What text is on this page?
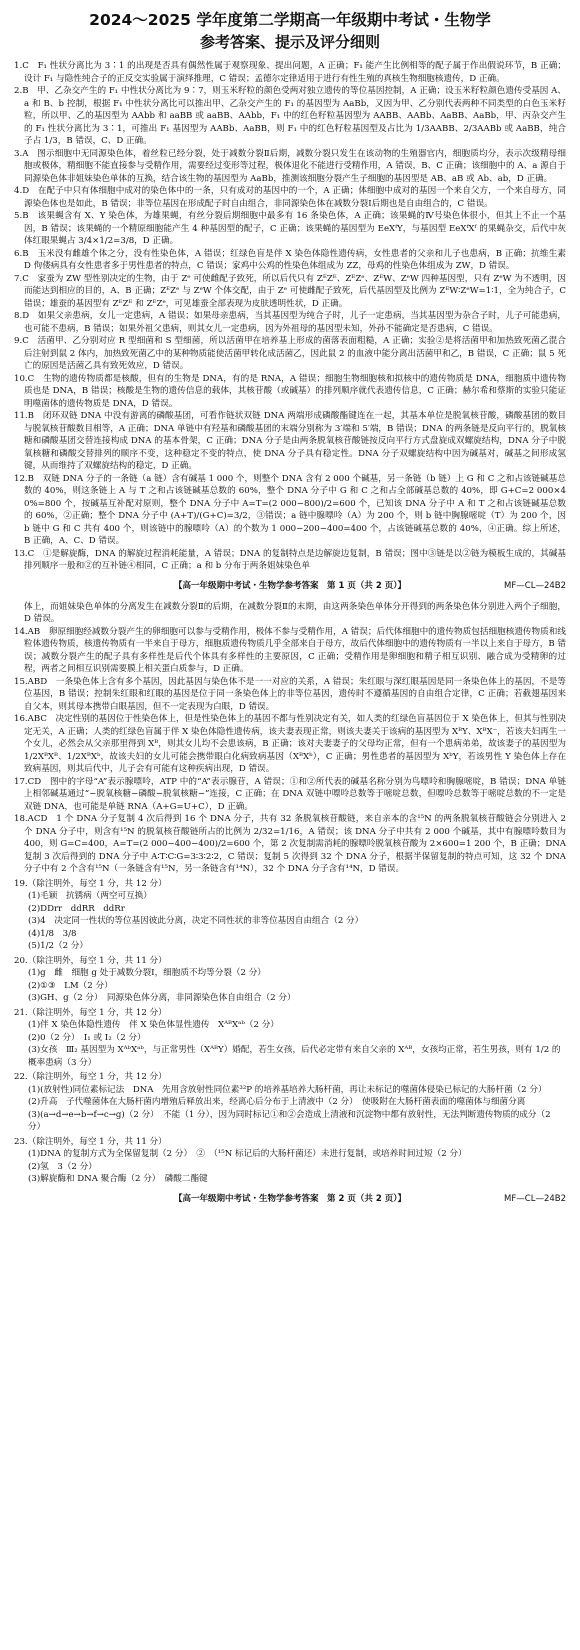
2024～2025 学年度第二学期高一年级期中考试・生物学
参考答案、提示及评分细则

1.C　 F₁ 性状分离比为 3∶1 的出现是否具有偶然性属于观察现象、提出问题，A 正确；F₁ 能产生比例相等的配子属于作出假说环节，B 正确；设计 F₁ 与隐性纯合子的正反交实验属于演绎推理，C 错误；孟德尔定律适用于进行有性生殖的真核生物细胞核遗传，D 正确。

2.B　 甲、乙杂交产生的 F₁ 中性状分离比为 9∶7，则玉米籽粒的颜色受两对独立遗传的等位基因控制，A 正确；设玉米籽粒颜色遗传受基因 A、a 和 B、b 控制，根据 F₁ 中性状分离比可以推出甲、乙杂交产生的 F₁ 的基因型为 AaBb，又因为甲、乙分别代表两种不同类型的白色玉米籽粒，所以甲、乙的基因型为 AAbb 和 aaBB 或 aaBB、AAbb，F₁ 中的红色籽粒基因型为 AABB、AABb、AaBB、AaBb，甲、丙杂交产生的 F₁ 性状分离比为 3∶1，可推出 F₁ 基因型为 AABb、AaBB，则 F₁ 中的红色籽粒基因型及占比为 1/3AABB、2/3AABb 或 AaBB，纯合子占 1/3，B 错误，C、D 正确。

3.A　 图示细胞中无同源染色体，着丝粒已经分裂，处于减数分裂Ⅱ后期，减数分裂只发生在该动物的生殖器官内，细胞质均分，表示次级精母细胞或极体，精细胞不能直接参与受精作用，需要经过变形等过程，极体退化不能进行受精作用，A 错误，B、C 正确；该细胞中的 A、a 源自于同源染色体非姐妹染色单体的互换，结合该生物的基因型为 AaBb，推测该细胞分裂产生子细胞的基因型是 AB、aB 或 Ab、ab，D 正确。

4.D　 在配子中只有体细胞中成对的染色体中的一条，只有成对的基因中的一个，A 正确；体细胞中成对的基因一个来自父方，一个来自母方，同源染色体也是如此，B 错误；非等位基因在形成配子时自由组合，非同源染色体在减数分裂Ⅰ后期也是自由组合的，C 错误。

5.B　 该果蝇含有 X、Y 染色体，为雄果蝇，有丝分裂后期细胞中最多有 16 条染色体，A 正确；该果蝇的Ⅳ号染色体很小，但其上不止一个基因，B 错误；该果蝇的一个精原细胞能产生 4 种基因型的配子，C 正确；该果蝇的基因型为 EeXᶠY，与基因型 EeXᶠXᶠ 的果蝇杂交，后代中灰体红眼果蝇占 3/4×1/2=3/8，D 正确。

6.B　 玉米没有雌雄个体之分，没有性染色体，A 错误；红绿色盲是伴 X 染色体隐性遗传病，女性患者的父亲和儿子也患病，B 正确；抗维生素 D 佝偻病具有女性患者多于男性患者的特点，C 错误；家鸡中公鸡的性染色体组成为 ZZ，母鸡的性染色体组成为 ZW，D 错误。

7.C　 家蚕为 ZW 型性别决定的生物，由于 Zᵉ 可使雌配子致死，所以后代只有 ZᴱZᴱ、ZᴱZᵉ、ZᴱW、ZᵉW 四种基因型，只有 ZᵉW 为不透明，因而能达到相应的目的，A、B 正确；ZᴱZᵉ 与 ZᵉW 个体交配，由于 Zᵉ 可使雌配子致死，后代基因型及比例为 ZᴱW∶ZᵉW=1∶1，全为纯合子，C 错误；雄蚕的基因型有 ZᴱZᴱ 和 ZᴱZᵉ，可见雄蚕全部表现为皮肤透明性状，D 正确。

8.D　 如果父亲患病，女儿一定患病，A 错误；如果母亲患病，当其基因型为纯合子时，儿子一定患病，当其基因型为杂合子时，儿子可能患病，也可能不患病，B 错误；如果外祖父患病，则其女儿一定患病，因为外祖母的基因型未知，外孙不能确定是否患病，C 错误。

9.C　 活菌甲、乙分别对应 R 型细菌和 S 型细菌，所以活菌甲在培养基上形成的菌落表面粗糙，A 正确；实验②是将活菌甲和加热致死菌乙混合后注射到鼠 2 体内，加热致死菌乙中的某种物质能使活菌甲转化成活菌乙，因此鼠 2 的血液中能分离出活菌甲和乙，B 错误，C 正确；鼠 5 死亡的原因是活菌乙具有致死效应，D 错误。

10.C　 生物的遗传物质都是核酸，但有的生物是 DNA，有的是 RNA，A 错误；细胞生物细胞核和拟核中的遗传物质是 DNA，细胞质中遗传物质也是 DNA，B 错误；核酸是生物的遗传信息的载体，其核苷酸（或碱基）的排列顺序就代表遗传信息，C 正确；赫尔希和蔡斯的实验只能证明噬菌体的遗传物质是 DNA，D 错误。

11.B　 闭环双链 DNA 中没有游离的磷酸基团，可看作链状双链 DNA 两端形成磷酸酯键连在一起，其基本单位是脱氧核苷酸，磷酸基团的数目与脱氧核苷酸数目相等，A 正确；DNA 单链中有羟基和磷酸基团的末端分别称为 3′端和 5′端，B 错误；DNA 的两条链是反向平行的，脱氧核糖和磷酸基团交替连接构成 DNA 的基本骨架，C 正确；DNA 分子是由两条脱氧核苷酸链按反向平行方式盘旋成双螺旋结构，DNA 分子中脱氧核糖和磷酸交替排列的顺序不变，这种稳定不变的特点，使 DNA 分子具有稳定性。DNA 分子双螺旋结构中因为碱基对，碱基之间形成氢键，从而维持了双螺旋结构的稳定，D 正确。

12.B　 双链 DNA 分子的一条链（a 链）含有碱基 1 000 个，则整个 DNA 含有 2 000 个碱基，另一条链（b 链）上 G 和 C 之和占该链碱基总数的 40%，则这条链上 A 与 T 之和占该链碱基总数的 60%，整个 DNA 分子中 G 和 C 之和占全部碱基总数的 40%，即 G+C=2 000×40%=800 个，按碱基互补配对原则，整个 DNA 分子中 A=T=(2 000−800)/2=600 个，已知该 DNA 分子中 A 和 T 之和占该链碱基总数的 60%，②正确；整个 DNA 分子中 (A+T)/(G+C)=3/2，③错误；a 链中腺嘌呤（A）为 200 个，则 b 链中胸腺嘧啶（T）为 200 个，因 b 链中 G 和 C 共有 400 个，则该链中的腺嘌呤（A）的个数为 1 000−200−400=400 个，占该链碱基总数的 40%，④正确。综上所述，B 正确，A、C、D 错误。

13.C　 ①是解旋酶，DNA 的解旋过程消耗能量，A 错误；DNA 的复制特点是边解旋边复制，B 错误；图中③链是以②链为模板生成的，其碱基排列顺序一般和②的互补链④相同，C 正确；a 和 b 分布于两条姐妹染色单

【高一年级期中考试・生物学参考答案　第 1 页（共 2 页）】	MF—CL—24B2

体上，而姐妹染色单体的分离发生在减数分裂Ⅱ的后期，在减数分裂Ⅱ的末期，由这两条染色单体分开得到的两条染色体分别进入两个子细胞，D 错误。

14.AB　 卵原细胞经减数分裂产生的卵细胞可以参与受精作用，极体不参与受精作用，A 错误；后代体细胞中的遗传物质包括细胞核遗传物质和线粒体遗传物质，核遗传物质有一半来自于母方，细胞质遗传物质几乎全部来自于母方，故后代体细胞中的遗传物质有一半以上来自于母方，B 错误；减数分裂产生的配子具有多样性是后代个体具有多样性的主要原因，C 正确；受精作用是卵细胞和精子相互识别、融合成为受精卵的过程，两者之间相互识别需要膜上相关蛋白质参与，D 正确。

15.ABD　 一条染色体上含有多个基因，因此基因与染色体不是一一对应的关系，A 错误；朱红眼与深红眼基因是同一条染色体上的基因，不是等位基因，B 错误；控制朱红眼和红眼的基因是位于同一条染色体上的非等位基因，遗传时不遵循基因的自由组合定律，C 正确；若截翅基因来自父本，则其母本携带白眼基因，但不一定表现为白眼，D 错误。

16.ABC　 决定性别的基因位于性染色体上，但是性染色体上的基因不都与性别决定有关，如人类的红绿色盲基因位于 X 染色体上，但其与性别决定无关，A 正确；人类的红绿色盲属于伴 X 染色体隐性遗传病，该夫妻表现正常，则该夫妻关于该病的基因型为 XᴮY、XᴮX⁻，若该夫妇再生一个女儿，必然会从父亲那里得到 Xᴮ，则其女儿均不会患该病，B 正确；该对夫妻妻子的父母均正常，但有一个患病弟弟，故该妻子的基因型为 1/2XᴮXᴮ、1/2XᴮXᵇ，故该夫妇的女儿可能会携带眼白化病致病基因（XᴮXᵇ），C 正确；男性患者的基因型为 XᵇY，若该男性 Y 染色体上存在致病基因，则其后代中，儿子会有可能有这种疾病出现，D 错误。

17.CD　 图中的字母“A”表示腺嘌呤，ATP 中的“A”表示腺苷，A 错误；①和②所代表的碱基名称分别为鸟嘌呤和胸腺嘧啶，B 错误；DNA 单链上相邻碱基通过“−脱氧核糖−磷酸−脱氧核糖−”连接，C 正确；在 DNA 双链中嘌呤总数等于嘧啶总数，但嘌呤总数等于嘧啶总数的不一定是双链 DNA，也可能是单链 RNA（A+G=U+C），D 正确。

18.ACD　 1 个 DNA 分子复制 4 次后得到 16 个 DNA 分子，共有 32 条脱氧核苷酸链，来自亲本的含¹⁵N 的两条脱氧核苷酸链会分别进入 2 个 DNA 分子中，则含有¹⁵N 的脱氧核苷酸链所占的比例为 2/32=1/16，A 错误；该 DNA 分子中共有 2 000 个碱基，其中有腺嘌呤数目为 400，则 G=C=400，A=T=(2 000−400−400)/2=600 个，第 2 次复制需消耗的腺嘌呤脱氧核苷酸为 2×600=1 200 个，B 正确；DNA 复制 3 次后得到的 DNA 分子中 A∶T∶C∶G=3∶3∶2∶2，C 错误；复制 5 次得到 32 个 DNA 分子，根据半保留复制的特点可知，这 32 个 DNA 分子中有 2 个含有¹⁵N（一条链含有¹⁵N，另一条链含有¹⁴N），32 个 DNA 分子含有¹⁴N，D 错误。

19.（除注明外，每空 1 分，共 12 分）

(1)毛颖　抗锈病（两空可互换）

(2)DDrr　ddRR　ddRr

(3)4　决定同一性状的等位基因彼此分离，决定不同性状的非等位基因自由组合（2 分）

(4)1/8　3/8

(5)1/2（2 分）

20.（除注明外，每空 1 分，共 11 分）

(1)g　雌　细胞 g 处于减数分裂Ⅰ，细胞质不均等分裂（2 分）

(2)①③　LM（2 分）

(3)GH、g（2 分）　同源染色体分离，非同源染色体自由组合（2 分）

21.（除注明外，每空 1 分，共 12 分）

(1)伴 X 染色体隐性遗传　伴 X 染色体显性遗传　XᴬᴮXᵃᵇ（2 分）

(2)0（2 分）　Ⅰ₁ 或 Ⅰ₂（2 分）

(3)女孩　Ⅲ₂ 基因型为 XᴬᵇXᵃᵇ，与正常男性（XᴬᴮY）婚配，若生女孩，后代必定带有来自父亲的 Xᴬᴮ，女孩均正常，若生男孩，则有 1/2 的概率患病（3 分）

22.（除注明外，每空 1 分，共 12 分）

(1)(放射性)同位素标记法　DNA　先用含放射性同位素³²P 的培养基培养大肠杆菌，再让未标记的噬菌体侵染已标记的大肠杆菌（2 分）

(2)升高　子代噬菌体在大肠杆菌内增殖后释放出来，经离心后分布于上清液中（2 分）　使吸附在大肠杆菌表面的噬菌体与细菌分离

(3)(a→d→e→b→f→c→g)（2 分）　不能（1 分），因为同时标记①和②会造成上清液和沉淀物中都有放射性，无法判断遗传物质的成分（2 分）

23.（除注明外，每空 1 分，共 11 分）

(1)DNA 的复制方式为全保留复制（2 分）　②　（¹⁵N 标记后的大肠杆菌还）未进行复制，或培养时间过短（2 分）

(2)氢　3（2 分）

(3)解旋酶和 DNA 聚合酶（2 分）　磷酸二酯键

【高一年级期中考试・生物学参考答案　第 2 页（共 2 页）】	MF—CL—24B2
